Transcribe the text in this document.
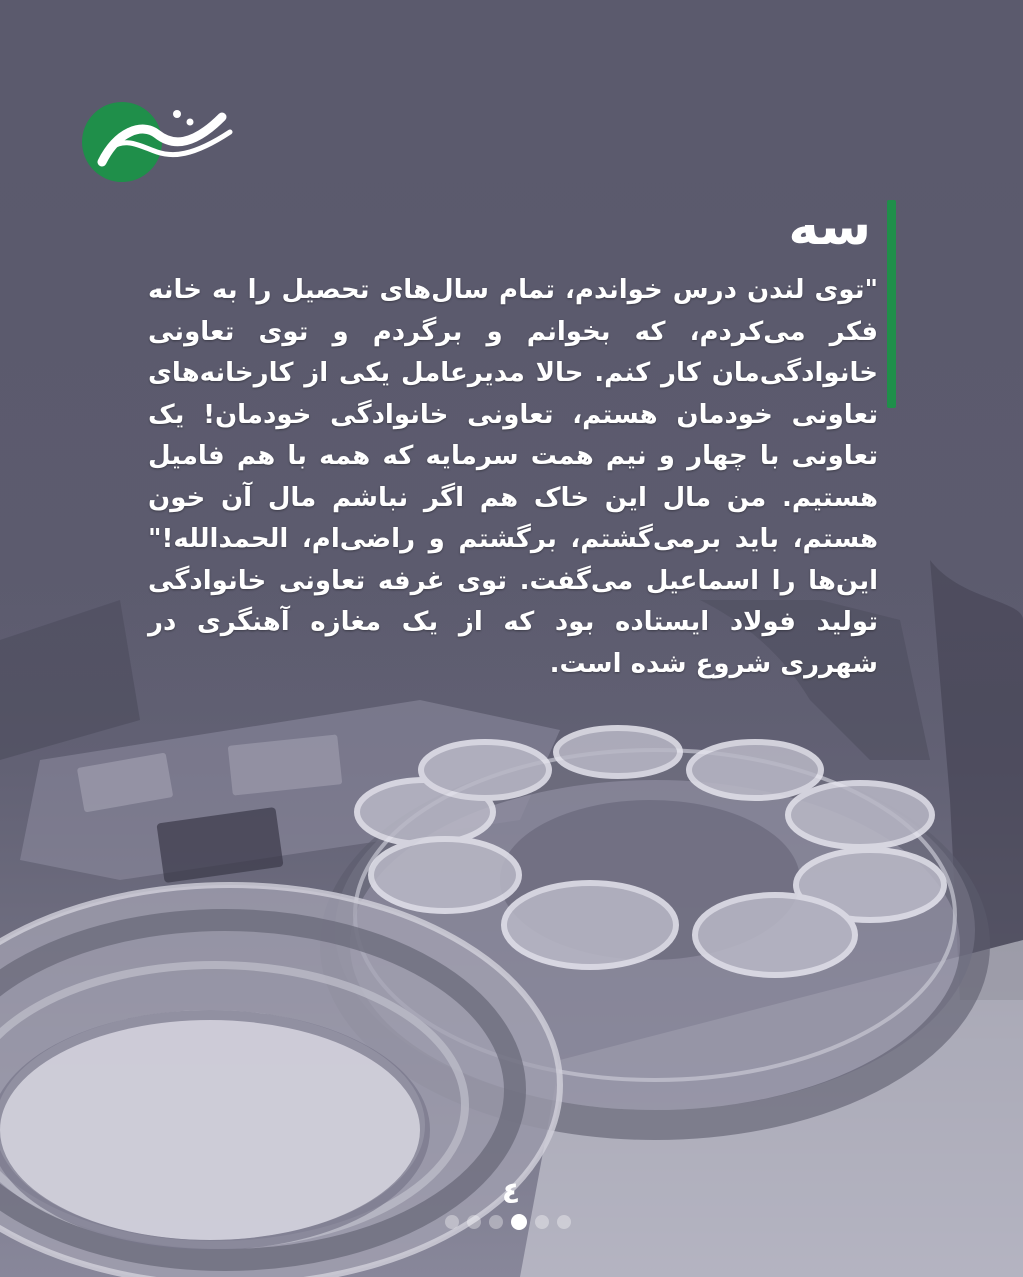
سه

"توی لندن درس خواندم، تمام سال‌های تحصیل را به خانه فکر می‌کردم، که بخوانم و برگردم و توی تعاونی خانوادگی‌مان کار کنم. حالا مدیرعامل یکی از کارخانه‌های تعاونی خودمان هستم، تعاونی خانوادگی خودمان! یک تعاونی با چهار و نیم همت سرمایه که همه با هم فامیل هستیم. من مال این خاک هم اگر نباشم مال آن خون هستم، باید برمی‌گشتم، برگشتم و راضی‌ام، الحمدالله!" این‌ها را اسماعیل می‌گفت. توی غرفه تعاونی خانوادگی تولید فولاد ایستاده بود که از یک مغازه آهنگری در شهرری شروع شده است.

٤
